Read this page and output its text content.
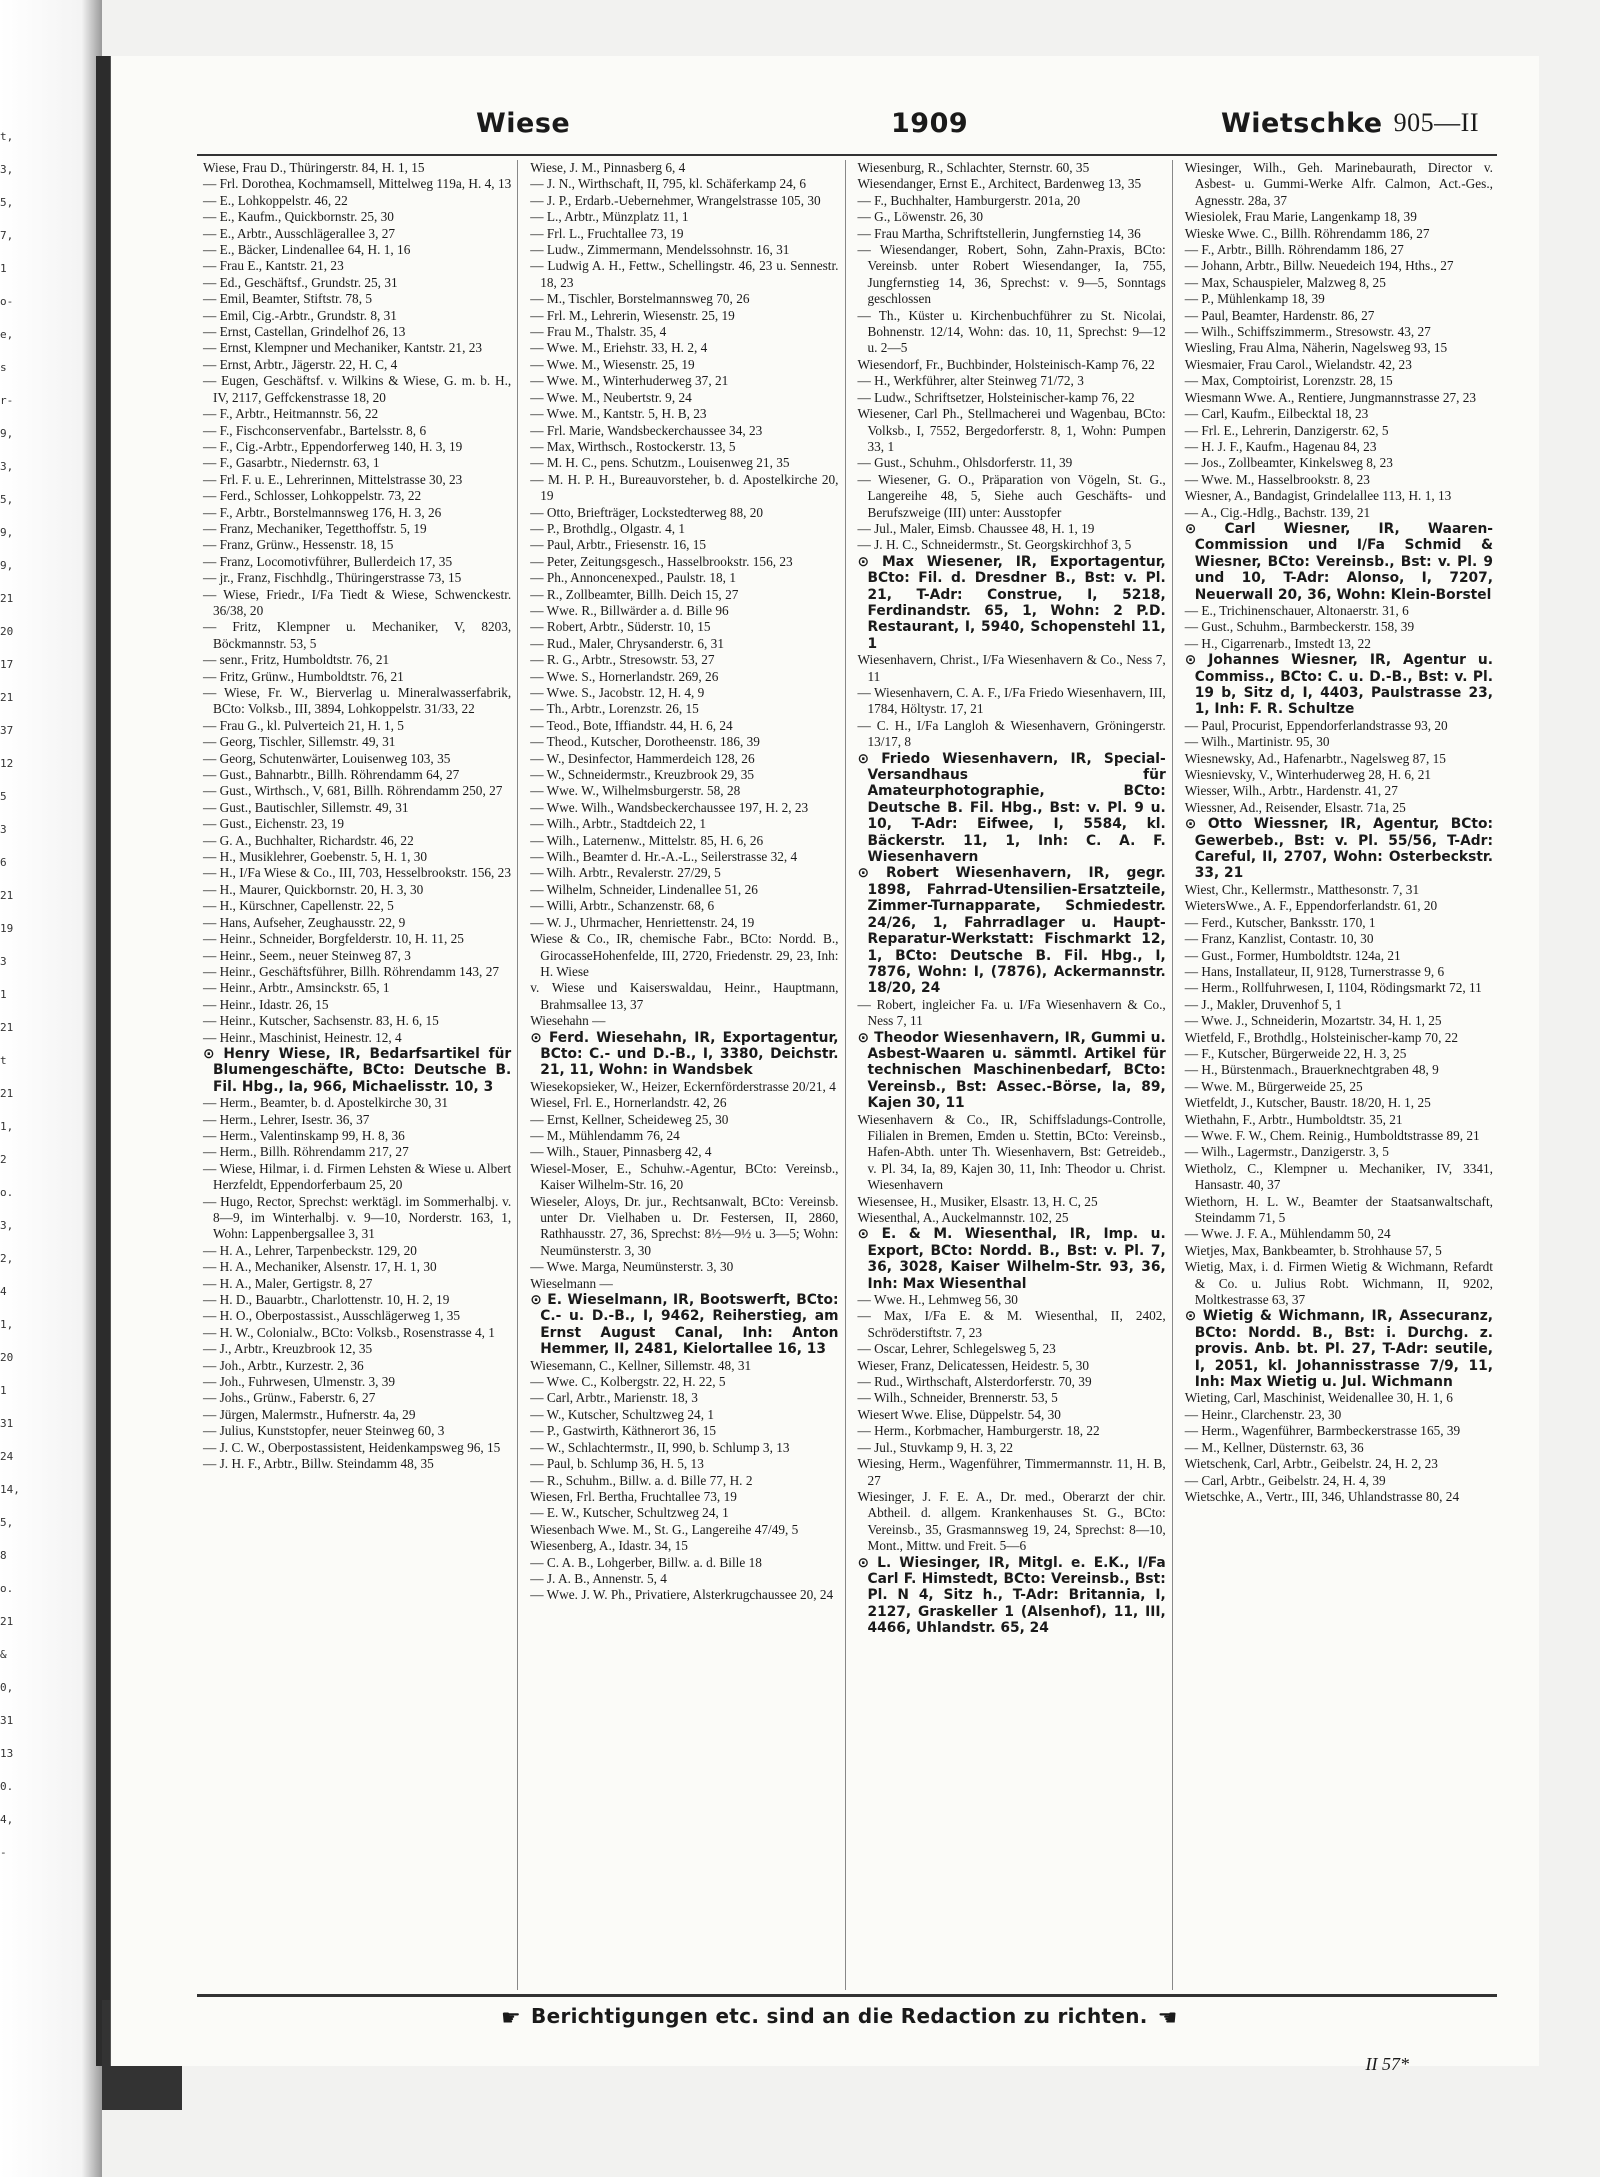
t,
3,
5,
7,
1
o-
e,
s
r-
9,
3,
5,
9,
9,
21
20
17
21
37
12
5
3
6
21
19
3
1
21
t
21
1,
2
o.
3,
2,
4
1,
20
1
31
24
14,
5,
8
o.
21
&
0,
31
13
0.
4,
-
Wiese	1909	Wietschke 905—II
Wiese, Frau D., Thüringerstr. 84, H. 1, 15
— Frl. Dorothea, Kochmamsell, Mittelweg 119a, H. 4, 13
— E., Lohkoppelstr. 46, 22
— E., Kaufm., Quickbornstr. 25, 30
— E., Arbtr., Ausschlägerallee 3, 27
— E., Bäcker, Lindenallee 64, H. 1, 16
— Frau E., Kantstr. 21, 23
— Ed., Geschäftsf., Grundstr. 25, 31
— Emil, Beamter, Stiftstr. 78, 5
— Emil, Cig.-Arbtr., Grundstr. 8, 31
— Ernst, Castellan, Grindelhof 26, 13
— Ernst, Klempner und Mechaniker, Kantstr. 21, 23
— Ernst, Arbtr., Jägerstr. 22, H. C, 4
— Eugen, Geschäftsf. v. Wilkins & Wiese, G. m. b. H., IV, 2117, Geffckenstrasse 18, 20
— F., Arbtr., Heitmannstr. 56, 22
— F., Fischconservenfabr., Bartelsstr. 8, 6
— F., Cig.-Arbtr., Eppendorferweg 140, H. 3, 19
— F., Gasarbtr., Niedernstr. 63, 1
— Frl. F. u. E., Lehrerinnen, Mittelstrasse 30, 23
— Ferd., Schlosser, Lohkoppelstr. 73, 22
— F., Arbtr., Borstelmannsweg 176, H. 3, 26
— Franz, Mechaniker, Tegetthoffstr. 5, 19
— Franz, Grünw., Hessenstr. 18, 15
— Franz, Locomotivführer, Bullerdeich 17, 35
— jr., Franz, Fischhdlg., Thüringerstrasse 73, 15
— Wiese, Friedr., I/Fa Tiedt & Wiese, Schwenckestr. 36/38, 20
— Fritz, Klempner u. Mechaniker, V, 8203, Böckmannstr. 53, 5
— senr., Fritz, Humboldtstr. 76, 21
— Fritz, Grünw., Humboldtstr. 76, 21
— Wiese, Fr. W., Bierverlag u. Mineralwasserfabrik, BCto: Volksb., III, 3894, Lohkoppelstr. 31/33, 22
— Frau G., kl. Pulverteich 21, H. 1, 5
— Georg, Tischler, Sillemstr. 49, 31
— Georg, Schutenwärter, Louisenweg 103, 35
— Gust., Bahnarbtr., Billh. Röhrendamm 64, 27
— Gust., Wirthsch., V, 681, Billh. Röhrendamm 250, 27
— Gust., Bautischler, Sillemstr. 49, 31
— Gust., Eichenstr. 23, 19
— G. A., Buchhalter, Richardstr. 46, 22
— H., Musiklehrer, Goebenstr. 5, H. 1, 30
— H., I/Fa Wiese & Co., III, 703, Hesselbrookstr. 156, 23
— H., Maurer, Quickbornstr. 20, H. 3, 30
— H., Kürschner, Capellenstr. 22, 5
— Hans, Aufseher, Zeughausstr. 22, 9
— Heinr., Schneider, Borgfelderstr. 10, H. 11, 25
— Heinr., Seem., neuer Steinweg 87, 3
— Heinr., Geschäftsführer, Billh. Röhrendamm 143, 27
— Heinr., Arbtr., Amsinckstr. 65, 1
— Heinr., Idastr. 26, 15
— Heinr., Kutscher, Sachsenstr. 83, H. 6, 15
— Heinr., Maschinist, Heinestr. 12, 4
⊙ Henry Wiese, IR, Bedarfsartikel für Blumengeschäfte, BCto: Deutsche B. Fil. Hbg., Ia, 966, Michaelisstr. 10, 3
— Herm., Beamter, b. d. Apostelkirche 30, 31
— Herm., Lehrer, Isestr. 36, 37
— Herm., Valentinskamp 99, H. 8, 36
— Herm., Billh. Röhrendamm 217, 27
— Wiese, Hilmar, i. d. Firmen Lehsten & Wiese u. Albert Herzfeldt, Eppendorferbaum 25, 20
— Hugo, Rector, Sprechst: werktägl. im Sommerhalbj. v. 8—9, im Winterhalbj. v. 9—10, Norderstr. 163, 1, Wohn: Lappenbergsallee 3, 31
— H. A., Lehrer, Tarpenbeckstr. 129, 20
— H. A., Mechaniker, Alsenstr. 17, H. 1, 30
— H. A., Maler, Gertigstr. 8, 27
— H. D., Bauarbtr., Charlottenstr. 10, H. 2, 19
— H. O., Oberpostassist., Ausschlägerweg 1, 35
— H. W., Colonialw., BCto: Volksb., Rosenstrasse 4, 1
— J., Arbtr., Kreuzbrook 12, 35
— Joh., Arbtr., Kurzestr. 2, 36
— Joh., Fuhrwesen, Ulmenstr. 3, 39
— Johs., Grünw., Faberstr. 6, 27
— Jürgen, Malermstr., Hufnerstr. 4a, 29
— Julius, Kunststopfer, neuer Steinweg 60, 3
— J. C. W., Oberpostassistent, Heidenkampsweg 96, 15
— J. H. F., Arbtr., Billw. Steindamm 48, 35
Wiese, J. M., Pinnasberg 6, 4
— J. N., Wirthschaft, II, 795, kl. Schäferkamp 24, 6
— J. P., Erdarb.-Uebernehmer, Wrangelstrasse 105, 30
— L., Arbtr., Münzplatz 11, 1
— Frl. L., Fruchtallee 73, 19
— Ludw., Zimmermann, Mendelssohnstr. 16, 31
— Ludwig A. H., Fettw., Schellingstr. 46, 23 u. Sennestr. 18, 23
— M., Tischler, Borstelmannsweg 70, 26
— Frl. M., Lehrerin, Wiesenstr. 25, 19
— Frau M., Thalstr. 35, 4
— Wwe. M., Eriehstr. 33, H. 2, 4
— Wwe. M., Wiesenstr. 25, 19
— Wwe. M., Winterhuderweg 37, 21
— Wwe. M., Neubertstr. 9, 24
— Wwe. M., Kantstr. 5, H. B, 23
— Frl. Marie, Wandsbeckerchaussee 34, 23
— Max, Wirthsch., Rostockerstr. 13, 5
— M. H. C., pens. Schutzm., Louisenweg 21, 35
— M. H. P. H., Bureauvorsteher, b. d. Apostelkirche 20, 19
— Otto, Briefträger, Lockstedterweg 88, 20
— P., Brothdlg., Olgastr. 4, 1
— Paul, Arbtr., Friesenstr. 16, 15
— Peter, Zeitungsgesch., Hasselbrookstr. 156, 23
— Ph., Annoncenexped., Paulstr. 18, 1
— R., Zollbeamter, Billh. Deich 15, 27
— Wwe. R., Billwärder a. d. Bille 96
— Robert, Arbtr., Süderstr. 10, 15
— Rud., Maler, Chrysanderstr. 6, 31
— R. G., Arbtr., Stresowstr. 53, 27
— Wwe. S., Hornerlandstr. 269, 26
— Wwe. S., Jacobstr. 12, H. 4, 9
— Th., Arbtr., Lorenzstr. 26, 15
— Teod., Bote, Iffiandstr. 44, H. 6, 24
— Theod., Kutscher, Dorotheenstr. 186, 39
— W., Desinfector, Hammerdeich 128, 26
— W., Schneidermstr., Kreuzbrook 29, 35
— Wwe. W., Wilhelmsburgerstr. 58, 28
— Wwe. Wilh., Wandsbeckerchaussee 197, H. 2, 23
— Wilh., Arbtr., Stadtdeich 22, 1
— Wilh., Laternenw., Mittelstr. 85, H. 6, 26
— Wilh., Beamter d. Hr.-A.-L., Seilerstrasse 32, 4
— Wilh. Arbtr., Revalerstr. 27/29, 5
— Wilhelm, Schneider, Lindenallee 51, 26
— Willi, Arbtr., Schanzenstr. 68, 6
— W. J., Uhrmacher, Henriettenstr. 24, 19
Wiese & Co., IR, chemische Fabr., BCto: Nordd. B., GirocasseHohenfelde, III, 2720, Friedenstr. 29, 23, Inh: H. Wiese
v. Wiese und Kaiserswaldau, Heinr., Hauptmann, Brahmsallee 13, 37
Wiesehahn —
⊙ Ferd. Wiesehahn, IR, Exportagentur, BCto: C.- und D.-B., I, 3380, Deichstr. 21, 11, Wohn: in Wandsbek
Wiesekopsieker, W., Heizer, Eckernförderstrasse 20/21, 4
Wiesel, Frl. E., Hornerlandstr. 42, 26
— Ernst, Kellner, Scheideweg 25, 30
— M., Mühlendamm 76, 24
— Wilh., Stauer, Pinnasberg 42, 4
Wiesel-Moser, E., Schuhw.-Agentur, BCto: Vereinsb., Kaiser Wilhelm-Str. 16, 20
Wieseler, Aloys, Dr. jur., Rechtsanwalt, BCto: Vereinsb. unter Dr. Vielhaben u. Dr. Festersen, II, 2860, Rathhausstr. 27, 36, Sprechst: 8½—9½ u. 3—5; Wohn: Neumünsterstr. 3, 30
— Wwe. Marga, Neumünsterstr. 3, 30
Wieselmann —
⊙ E. Wieselmann, IR, Bootswerft, BCto: C.- u. D.-B., I, 9462, Reiherstieg, am Ernst August Canal, Inh: Anton Hemmer, II, 2481, Kielortallee 16, 13
Wiesemann, C., Kellner, Sillemstr. 48, 31
— Wwe. C., Kolbergstr. 22, H. 22, 5
— Carl, Arbtr., Marienstr. 18, 3
— W., Kutscher, Schultzweg 24, 1
— P., Gastwirth, Käthnerort 36, 15
— W., Schlachtermstr., II, 990, b. Schlump 3, 13
— Paul, b. Schlump 36, H. 5, 13
— R., Schuhm., Billw. a. d. Bille 77, H. 2
Wiesen, Frl. Bertha, Fruchtallee 73, 19
— E. W., Kutscher, Schultzweg 24, 1
Wiesenbach Wwe. M., St. G., Langereihe 47/49, 5
Wiesenberg, A., Idastr. 34, 15
— C. A. B., Lohgerber, Billw. a. d. Bille 18
— J. A. B., Annenstr. 5, 4
— Wwe. J. W. Ph., Privatiere, Alsterkrugchaussee 20, 24
Wiesenburg, R., Schlachter, Sternstr. 60, 35
Wiesendanger, Ernst E., Architect, Bardenweg 13, 35
— F., Buchhalter, Hamburgerstr. 201a, 20
— G., Löwenstr. 26, 30
— Frau Martha, Schriftstellerin, Jungfernstieg 14, 36
— Wiesendanger, Robert, Sohn, Zahn-Praxis, BCto: Vereinsb. unter Robert Wiesendanger, Ia, 755, Jungfernstieg 14, 36, Sprechst: v. 9—5, Sonntags geschlossen
— Th., Küster u. Kirchenbuchführer zu St. Nicolai, Bohnenstr. 12/14, Wohn: das. 10, 11, Sprechst: 9—12 u. 2—5
Wiesendorf, Fr., Buchbinder, Holsteinisch-Kamp 76, 22
— H., Werkführer, alter Steinweg 71/72, 3
— Ludw., Schriftsetzer, Holsteinischer-kamp 76, 22
Wiesener, Carl Ph., Stellmacherei und Wagenbau, BCto: Volksb., I, 7552, Bergedorferstr. 8, 1, Wohn: Pumpen 33, 1
— Gust., Schuhm., Ohlsdorferstr. 11, 39
— Wiesener, G. O., Präparation von Vögeln, St. G., Langereihe 48, 5, Siehe auch Geschäfts- und Berufszweige (III) unter: Ausstopfer
— Jul., Maler, Eimsb. Chaussee 48, H. 1, 19
— J. H. C., Schneidermstr., St. Georgskirchhof 3, 5
⊙ Max Wiesener, IR, Exportagentur, BCto: Fil. d. Dresdner B., Bst: v. Pl. 21, T-Adr: Construe, I, 5218, Ferdinandstr. 65, 1, Wohn: 2 P.D. Restaurant, I, 5940, Schopenstehl 11, 1
Wiesenhavern, Christ., I/Fa Wiesenhavern & Co., Ness 7, 11
— Wiesenhavern, C. A. F., I/Fa Friedo Wiesenhavern, III, 1784, Höltystr. 17, 21
— C. H., I/Fa Langloh & Wiesenhavern, Gröningerstr. 13/17, 8
⊙ Friedo Wiesenhavern, IR, Special-Versandhaus für Amateurphotographie, BCto: Deutsche B. Fil. Hbg., Bst: v. Pl. 9 u. 10, T-Adr: Eifwee, I, 5584, kl. Bäckerstr. 11, 1, Inh: C. A. F. Wiesenhavern
⊙ Robert Wiesenhavern, IR, gegr. 1898, Fahrrad-Utensilien-Ersatzteile, Zimmer-Turnapparate, Schmiedestr. 24/26, 1, Fahrradlager u. Haupt-Reparatur-Werkstatt: Fischmarkt 12, 1, BCto: Deutsche B. Fil. Hbg., I, 7876, Wohn: I, (7876), Ackermannstr. 18/20, 24
— Robert, ingleicher Fa. u. I/Fa Wiesenhavern & Co., Ness 7, 11
⊙ Theodor Wiesenhavern, IR, Gummi u. Asbest-Waaren u. sämmtl. Artikel für technischen Maschinenbedarf, BCto: Vereinsb., Bst: Assec.-Börse, Ia, 89, Kajen 30, 11
Wiesenhavern & Co., IR, Schiffsladungs-Controlle, Filialen in Bremen, Emden u. Stettin, BCto: Vereinsb., Hafen-Abth. unter Th. Wiesenhavern, Bst: Getreideb., v. Pl. 34, Ia, 89, Kajen 30, 11, Inh: Theodor u. Christ. Wiesenhavern
Wiesensee, H., Musiker, Elsastr. 13, H. C, 25
Wiesenthal, A., Auckelmannstr. 102, 25
⊙ E. & M. Wiesenthal, IR, Imp. u. Export, BCto: Nordd. B., Bst: v. Pl. 7, 36, 3028, Kaiser Wilhelm-Str. 93, 36, Inh: Max Wiesenthal
— Wwe. H., Lehmweg 56, 30
— Max, I/Fa E. & M. Wiesenthal, II, 2402, Schröderstiftstr. 7, 23
— Oscar, Lehrer, Schlegelsweg 5, 23
Wieser, Franz, Delicatessen, Heidestr. 5, 30
— Rud., Wirthschaft, Alsterdorferstr. 70, 39
— Wilh., Schneider, Brennerstr. 53, 5
Wiesert Wwe. Elise, Düppelstr. 54, 30
— Herm., Korbmacher, Hamburgerstr. 18, 22
— Jul., Stuvkamp 9, H. 3, 22
Wiesing, Herm., Wagenführer, Timmermannstr. 11, H. B, 27
Wiesinger, J. F. E. A., Dr. med., Oberarzt der chir. Abtheil. d. allgem. Krankenhauses St. G., BCto: Vereinsb., 35, Grasmannsweg 19, 24, Sprechst: 8—10, Mont., Mittw. und Freit. 5—6
⊙ L. Wiesinger, IR, Mitgl. e. E.K., I/Fa Carl F. Himstedt, BCto: Vereinsb., Bst: Pl. N 4, Sitz h., T-Adr: Britannia, I, 2127, Graskeller 1 (Alsenhof), 11, III, 4466, Uhlandstr. 65, 24
Wiesinger, Wilh., Geh. Marinebaurath, Director v. Asbest- u. Gummi-Werke Alfr. Calmon, Act.-Ges., Agnesstr. 28a, 37
Wiesiolek, Frau Marie, Langenkamp 18, 39
Wieske Wwe. C., Billh. Röhrendamm 186, 27
— F., Arbtr., Billh. Röhrendamm 186, 27
— Johann, Arbtr., Billw. Neuedeich 194, Hths., 27
— Max, Schauspieler, Malzweg 8, 25
— P., Mühlenkamp 18, 39
— Paul, Beamter, Hardenstr. 86, 27
— Wilh., Schiffszimmerm., Stresowstr. 43, 27
Wiesling, Frau Alma, Näherin, Nagelsweg 93, 15
Wiesmaier, Frau Carol., Wielandstr. 42, 23
— Max, Comptoirist, Lorenzstr. 28, 15
Wiesmann Wwe. A., Rentiere, Jungmannstrasse 27, 23
— Carl, Kaufm., Eilbecktal 18, 23
— Frl. E., Lehrerin, Danzigerstr. 62, 5
— H. J. F., Kaufm., Hagenau 84, 23
— Jos., Zollbeamter, Kinkelsweg 8, 23
— Wwe. M., Hasselbrookstr. 8, 23
Wiesner, A., Bandagist, Grindelallee 113, H. 1, 13
— A., Cig.-Hdlg., Bachstr. 139, 21
⊙ Carl Wiesner, IR, Waaren-Commission und I/Fa Schmid & Wiesner, BCto: Vereinsb., Bst: v. Pl. 9 und 10, T-Adr: Alonso, I, 7207, Neuerwall 20, 36, Wohn: Klein-Borstel
— E., Trichinenschauer, Altonaerstr. 31, 6
— Gust., Schuhm., Barmbeckerstr. 158, 39
— H., Cigarrenarb., Imstedt 13, 22
⊙ Johannes Wiesner, IR, Agentur u. Commiss., BCto: C. u. D.-B., Bst: v. Pl. 19 b, Sitz d, I, 4403, Paulstrasse 23, 1, Inh: F. R. Schultze
— Paul, Procurist, Eppendorferlandstrasse 93, 20
— Wilh., Martinistr. 95, 30
Wiesnewsky, Ad., Hafenarbtr., Nagelsweg 87, 15
Wiesnievsky, V., Winterhuderweg 28, H. 6, 21
Wiesser, Wilh., Arbtr., Hardenstr. 41, 27
Wiessner, Ad., Reisender, Elsastr. 71a, 25
⊙ Otto Wiessner, IR, Agentur, BCto: Gewerbeb., Bst: v. Pl. 55/56, T-Adr: Careful, II, 2707, Wohn: Osterbeckstr. 33, 21
Wiest, Chr., Kellermstr., Matthesonstr. 7, 31
WietersWwe., A. F., Eppendorferlandstr. 61, 20
— Ferd., Kutscher, Banksstr. 170, 1
— Franz, Kanzlist, Contastr. 10, 30
— Gust., Former, Humboldtstr. 124a, 21
— Hans, Installateur, II, 9128, Turnerstrasse 9, 6
— Herm., Rollfuhrwesen, I, 1104, Rödingsmarkt 72, 11
— J., Makler, Druvenhof 5, 1
— Wwe. J., Schneiderin, Mozartstr. 34, H. 1, 25
Wietfeld, F., Brothdlg., Holsteinischer-kamp 70, 22
— F., Kutscher, Bürgerweide 22, H. 3, 25
— H., Bürstenmach., Brauerknechtgraben 48, 9
— Wwe. M., Bürgerweide 25, 25
Wietfeldt, J., Kutscher, Baustr. 18/20, H. 1, 25
Wiethahn, F., Arbtr., Humboldtstr. 35, 21
— Wwe. F. W., Chem. Reinig., Humboldtstrasse 89, 21
— Wilh., Lagermstr., Danzigerstr. 3, 5
Wietholz, C., Klempner u. Mechaniker, IV, 3341, Hansastr. 40, 37
Wiethorn, H. L. W., Beamter der Staatsanwaltschaft, Steindamm 71, 5
— Wwe. J. F. A., Mühlendamm 50, 24
Wietjes, Max, Bankbeamter, b. Strohhause 57, 5
Wietig, Max, i. d. Firmen Wietig & Wichmann, Refardt & Co. u. Julius Robt. Wichmann, II, 9202, Moltkestrasse 63, 37
⊙ Wietig & Wichmann, IR, Assecuranz, BCto: Nordd. B., Bst: i. Durchg. z. provis. Anb. bt. Pl. 27, T-Adr: seutile, I, 2051, kl. Johannisstrasse 7/9, 11, Inh: Max Wietig u. Jul. Wichmann
Wieting, Carl, Maschinist, Weidenallee 30, H. 1, 6
— Heinr., Clarchenstr. 23, 30
— Herm., Wagenführer, Barmbeckerstrasse 165, 39
— M., Kellner, Düsternstr. 63, 36
Wietschenk, Carl, Arbtr., Geibelstr. 24, H. 2, 23
— Carl, Arbtr., Geibelstr. 24, H. 4, 39
Wietschke, A., Vertr., III, 346, Uhlandstrasse 80, 24
☛ Berichtigungen etc. sind an die Redaction zu richten. ☚
II 57*
